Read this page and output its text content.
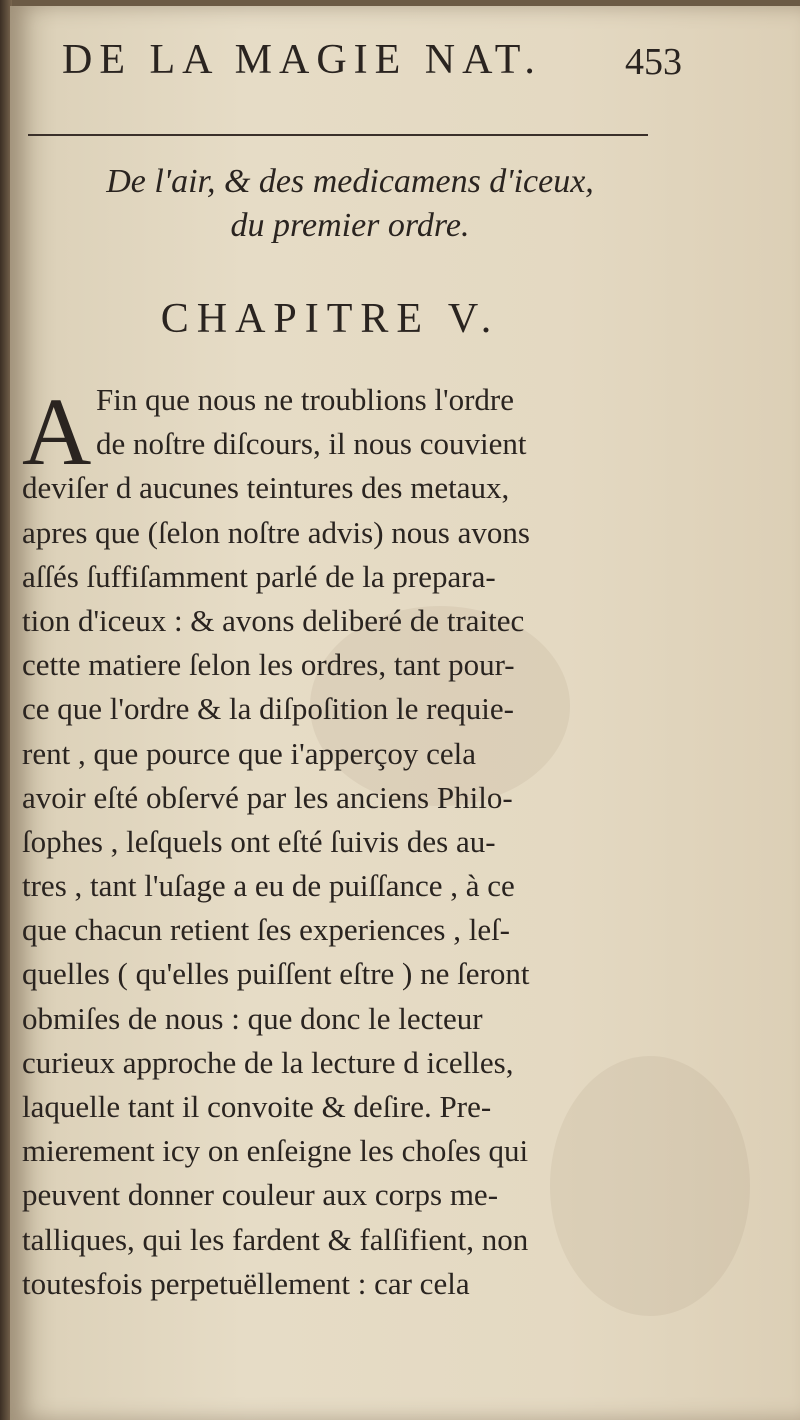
DE LA MAGIE NAT. 453
De l'air, & des medicamens d'iceux,
du premier ordre.
CHAPITRE V.
A Fin que nous ne troublions l'ordre
de noſtre diſcours, il nous couvient
deviſer d aucunes teintures des metaux,
apres que (ſelon noſtre advis) nous avons
aſſés ſuffiſamment parlé de la prepara-
tion d'iceux : & avons deliberé de traitec
cette matiere ſelon les ordres, tant pour-
ce que l'ordre & la diſpoſition le requie-
rent , que pource que i'apperçoy cela
avoir eſté obſervé par les anciens Philo-
ſophes , leſquels ont eſté ſuivis des au-
tres , tant l'uſage a eu de puiſſance , à ce
que chacun retient ſes experiences , leſ-
quelles ( qu'elles puiſſent eſtre ) ne ſeront
obmiſes de nous : que donc le lecteur
curieux approche de la lecture d icelles,
laquelle tant il convoite & deſire. Pre-
mierement icy on enſeigne les choſes qui
peuvent donner couleur aux corps me-
talliques, qui les fardent & falſifient, non
toutesfois perpetuëllement : car cela
